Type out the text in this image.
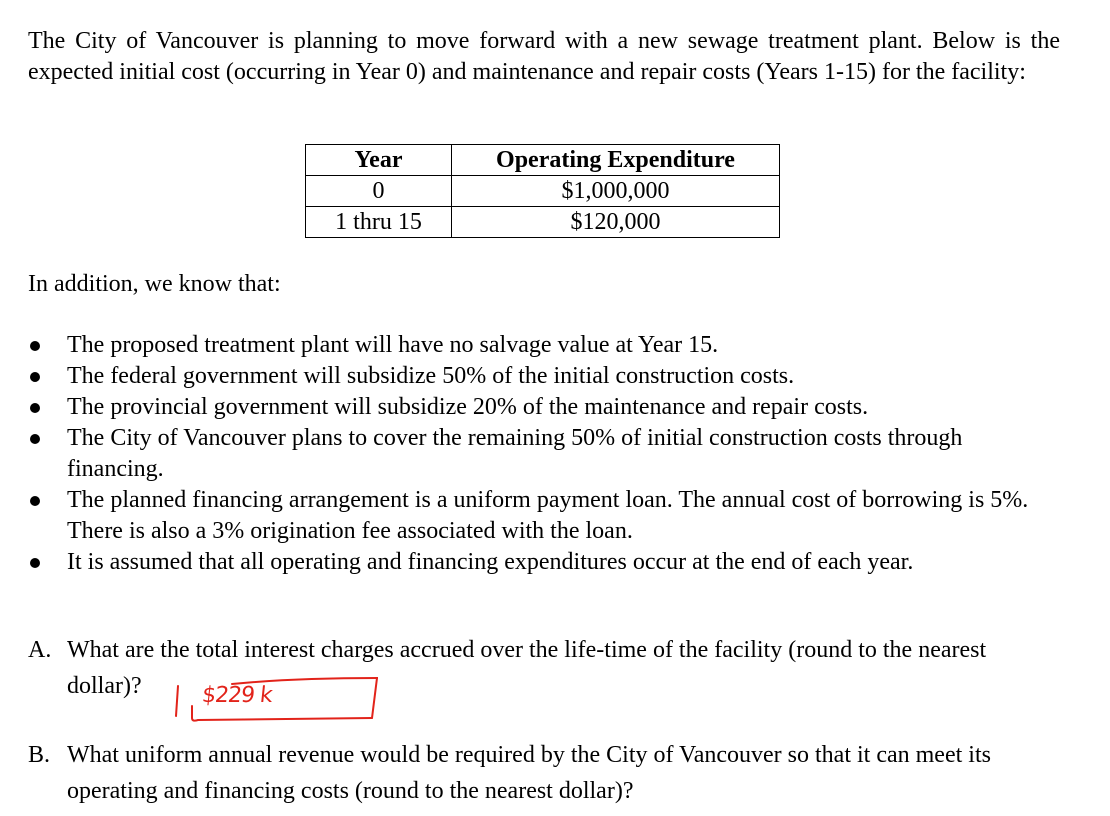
The City of Vancouver is planning to move forward with a new sewage treatment plant. Below is the expected initial cost (occurring in Year 0) and maintenance and repair costs (Years 1-15) for the facility:

Year	Operating Expenditure
0	$1,000,000
1 thru 15	$120,000

In addition, we know that:

The proposed treatment plant will have no salvage value at Year 15.
The federal government will subsidize 50% of the initial construction costs.
The provincial government will subsidize 20% of the maintenance and repair costs.
The City of Vancouver plans to cover the remaining 50% of initial construction costs through financing.
The planned financing arrangement is a uniform payment loan. The annual cost of borrowing is 5%. There is also a 3% origination fee associated with the loan.
It is assumed that all operating and financing expenditures occur at the end of each year.
A. What are the total interest charges accrued over the life-time of the facility (round to the nearest dollar)?	$229 k
B. What uniform annual revenue would be required by the City of Vancouver so that it can meet its operating and financing costs (round to the nearest dollar)?
